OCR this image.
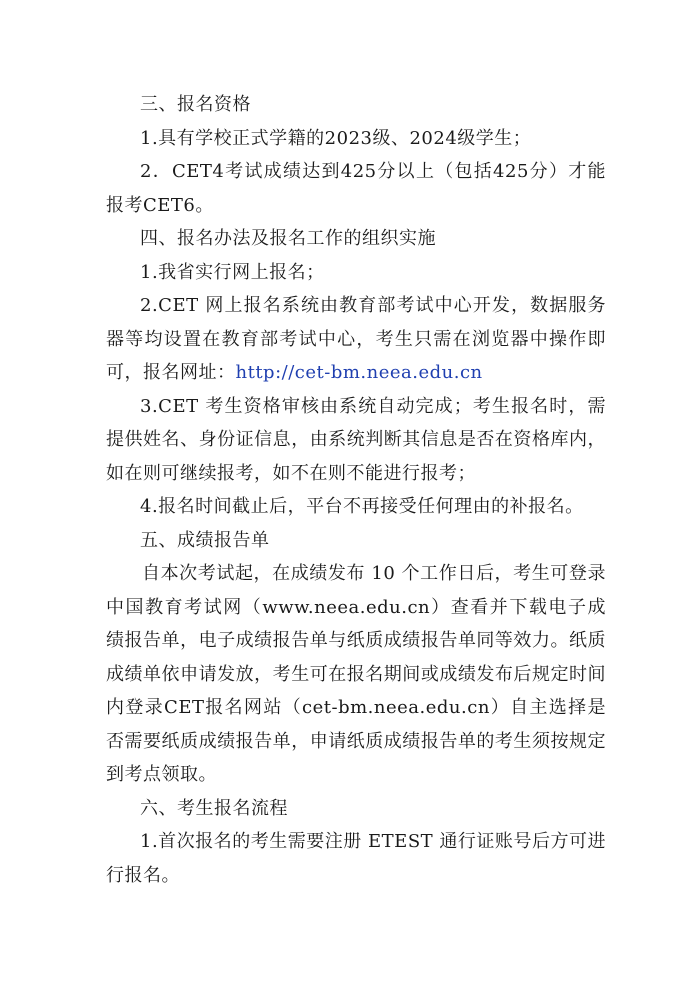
三、报名资格

1.具有学校正式学籍的2023级、2024级学生；

2．CET4考试成绩达到425分以上（包括425分）才能报考CET6。

四、报名办法及报名工作的组织实施

1.我省实行网上报名；

2.CET 网上报名系统由教育部考试中心开发，数据服务器等均设置在教育部考试中心，考生只需在浏览器中操作即可，报名网址：http://cet-bm.neea.edu.cn

3.CET 考生资格审核由系统自动完成；考生报名时，需提供姓名、身份证信息，由系统判断其信息是否在资格库内，如在则可继续报考，如不在则不能进行报考；

4.报名时间截止后，平台不再接受任何理由的补报名。

五、成绩报告单

自本次考试起，在成绩发布 10 个工作日后，考生可登录中国教育考试网（www.neea.edu.cn）查看并下载电子成绩报告单，电子成绩报告单与纸质成绩报告单同等效力。纸质成绩单依申请发放，考生可在报名期间或成绩发布后规定时间内登录CET报名网站（cet-bm.neea.edu.cn）自主选择是否需要纸质成绩报告单，申请纸质成绩报告单的考生须按规定到考点领取。

六、考生报名流程

1.首次报名的考生需要注册 ETEST 通行证账号后方可进行报名。
